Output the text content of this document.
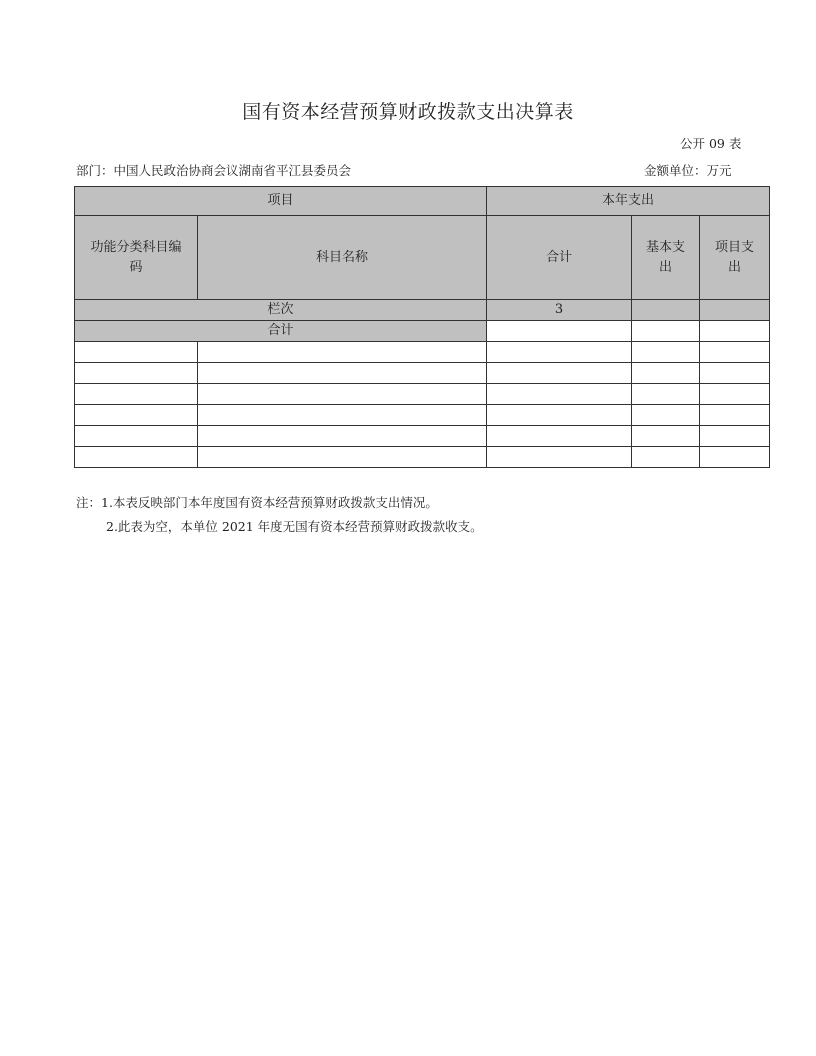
国有资本经营预算财政拨款支出决算表
公开 09 表
部门：中国人民政治协商会议湖南省平江县委员会	金额单位：万元
项目		本年支出		
功能分类科目编码	科目名称	合计	基本支出	项目支出
栏次		3		
合计				

注：1.本表反映部门本年度国有资本经营预算财政拨款支出情况。
2.此表为空，本单位 2021 年度无国有资本经营预算财政拨款收支。
